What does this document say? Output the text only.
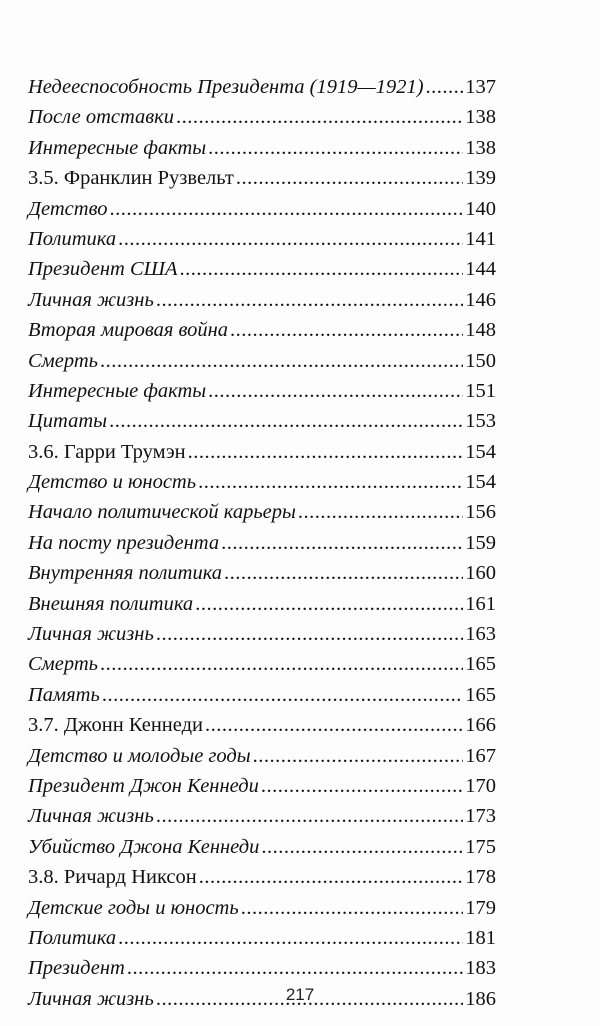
Недееспособность Президента (1919—1921) ..... 137
После отставки .....	138
Интересные факты .....	138
3.5. Франклин Рузвельт .....	139
Детство .....	140
Политика .....	141
Президент США .....	144
Личная жизнь .....	146
Вторая мировая война .....	148
Смерть .....	150
Интересные факты .....	151
Цитаты .....	153
3.6. Гарри Трумэн .....	154
Детство и юность .....	154
Начало политической карьеры .....	156
На посту президента .....	159
Внутренняя политика .....	160
Внешняя политика .....	161
Личная жизнь .....	163
Смерть .....	165
Память .....	165
3.7. Джонн Кеннеди .....	166
Детство и молодые годы .....	167
Президент Джон Кеннеди .....	170
Личная жизнь .....	173
Убийство Джона Кеннеди .....	175
3.8. Ричард Никсон .....	178
Детские годы и юность .....	179
Политика .....	181
Президент .....	183
Личная жизнь .....	186
217
